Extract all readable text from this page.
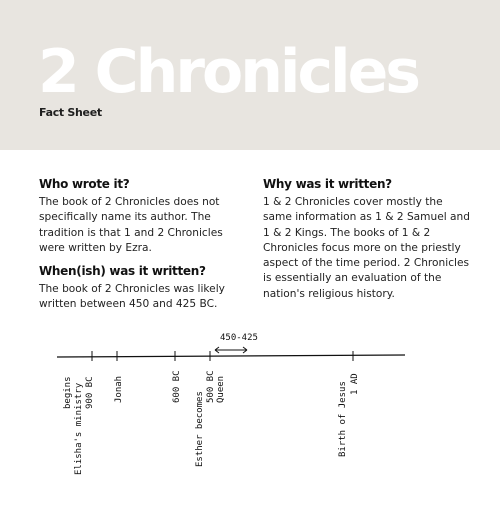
2 Chronicles
Fact Sheet
Who wrote it?

The book of 2 Chronicles does not specifically name its author. The tradition is that 1 and 2 Chronicles were written by Ezra.

When(ish) was it written?

The book of 2 Chronicles was likely written between 450 and 425 BC.

Why was it written?

1 & 2 Chronicles cover mostly the same information as 1 & 2 Samuel and 1 & 2 Kings. The books of 1 & 2 Chronicles focus more on the priestly aspect of the time period. 2 Chronicles is essentially an evaluation of the nation's religious history.

450-425
900 BC
Elisha's ministry
begins	Jonah	600 BC	500 BC
Esther becomes
Queen	1 AD
Birth of Jesus
